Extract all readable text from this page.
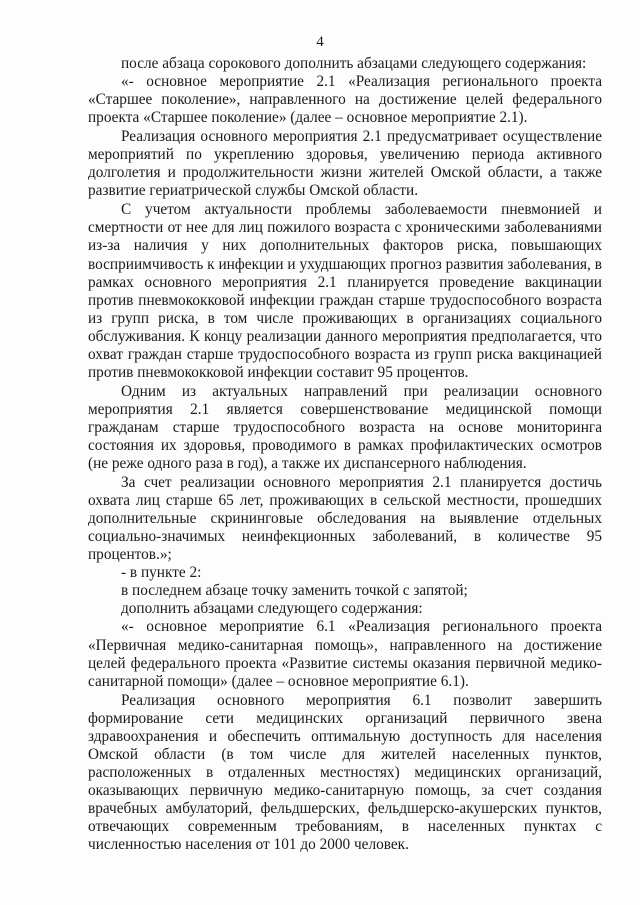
4

после абзаца сорокового дополнить абзацами следующего содержания:

«- основное мероприятие 2.1 «Реализация регионального проекта «Старшее поколение», направленного на достижение целей федерального проекта «Старшее поколение» (далее – основное мероприятие 2.1).

Реализация основного мероприятия 2.1 предусматривает осуществление мероприятий по укреплению здоровья, увеличению периода активного долголетия и продолжительности жизни жителей Омской области, а также развитие гериатрической службы Омской области.

С учетом актуальности проблемы заболеваемости пневмонией и смертности от нее для лиц пожилого возраста с хроническими заболеваниями из-за наличия у них дополнительных факторов риска, повышающих восприимчивость к инфекции и ухудшающих прогноз развития заболевания, в рамках основного мероприятия 2.1 планируется проведение вакцинации против пневмококковой инфекции граждан старше трудоспособного возраста из групп риска, в том числе проживающих в организациях социального обслуживания. К концу реализации данного мероприятия предполагается, что охват граждан старше трудоспособного возраста из групп риска вакцинацией против пневмококковой инфекции составит 95 процентов.

Одним из актуальных направлений при реализации основного мероприятия 2.1 является совершенствование медицинской помощи гражданам старше трудоспособного возраста на основе мониторинга состояния их здоровья, проводимого в рамках профилактических осмотров (не реже одного раза в год), а также их диспансерного наблюдения.

За счет реализации основного мероприятия 2.1 планируется достичь охвата лиц старше 65 лет, проживающих в сельской местности, прошедших дополнительные скрининговые обследования на выявление отдельных социально-значимых неинфекционных заболеваний, в количестве 95 процентов.»;

- в пункте 2:

в последнем абзаце точку заменить точкой с запятой;

дополнить абзацами следующего содержания:

«- основное мероприятие 6.1 «Реализация регионального проекта «Первичная медико-санитарная помощь», направленного на достижение целей федерального проекта «Развитие системы оказания первичной медико-санитарной помощи» (далее – основное мероприятие 6.1).

Реализация основного мероприятия 6.1 позволит завершить формирование сети медицинских организаций первичного звена здравоохранения и обеспечить оптимальную доступность для населения Омской области (в том числе для жителей населенных пунктов, расположенных в отдаленных местностях) медицинских организаций, оказывающих первичную медико-санитарную помощь, за счет создания врачебных амбулаторий, фельдшерских, фельдшерско-акушерских пунктов, отвечающих современным требованиям, в населенных пунктах с численностью населения от 101 до 2000 человек.
